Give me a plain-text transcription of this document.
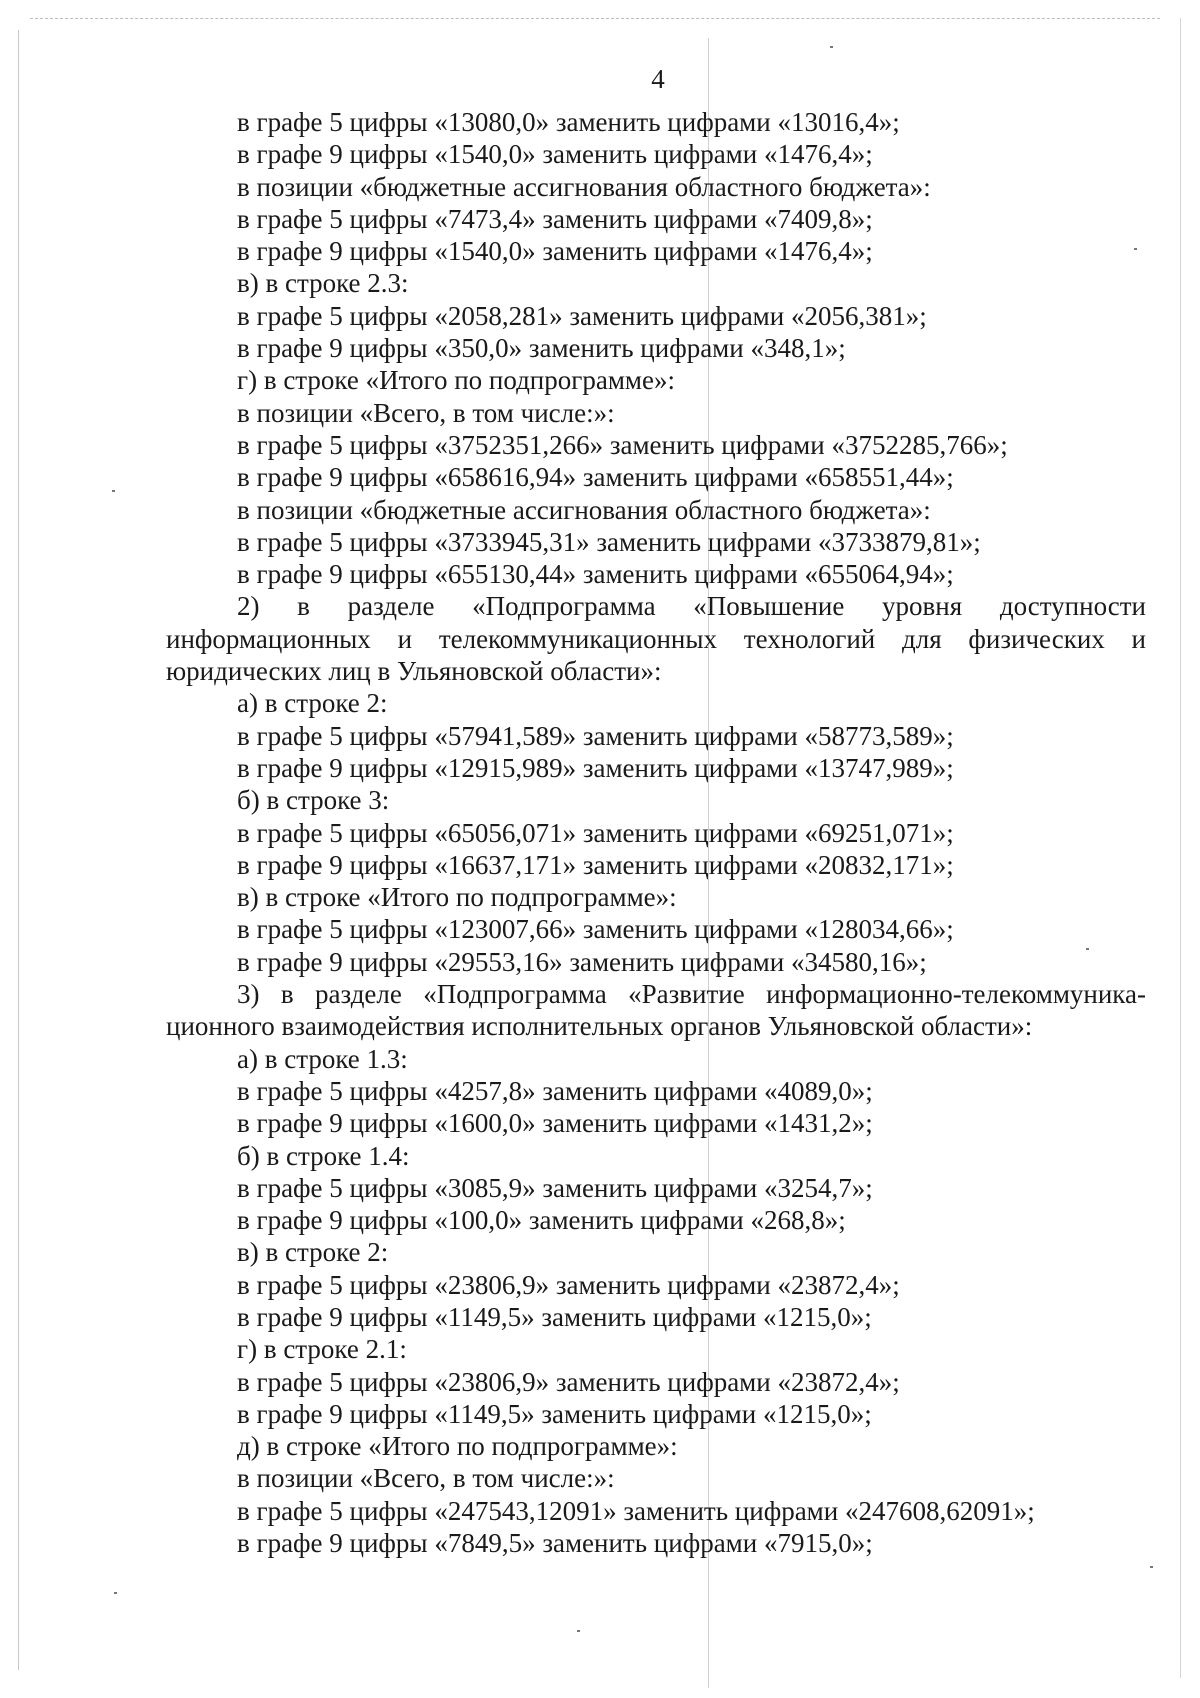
4
в графе 5 цифры «13080,0» заменить цифрами «13016,4»;
в графе 9 цифры «1540,0» заменить цифрами «1476,4»;
в позиции «бюджетные ассигнования областного бюджета»:
в графе 5 цифры «7473,4» заменить цифрами «7409,8»;
в графе 9 цифры «1540,0» заменить цифрами «1476,4»;
в) в строке 2.3:
в графе 5 цифры «2058,281» заменить цифрами «2056,381»;
в графе 9 цифры «350,0» заменить цифрами «348,1»;
г) в строке «Итого по подпрограмме»:
в позиции «Всего, в том числе:»:
в графе 5 цифры «3752351,266» заменить цифрами «3752285,766»;
в графе 9 цифры «658616,94» заменить цифрами «658551,44»;
в позиции «бюджетные ассигнования областного бюджета»:
в графе 5 цифры «3733945,31» заменить цифрами «3733879,81»;
в графе 9 цифры «655130,44» заменить цифрами «655064,94»;
2) в разделе «Подпрограмма «Повышение уровня доступности информационных и телекоммуникационных технологий для физических и юридических лиц в Ульяновской области»:
а) в строке 2:
в графе 5 цифры «57941,589» заменить цифрами «58773,589»;
в графе 9 цифры «12915,989» заменить цифрами «13747,989»;
б) в строке 3:
в графе 5 цифры «65056,071» заменить цифрами «69251,071»;
в графе 9 цифры «16637,171» заменить цифрами «20832,171»;
в) в строке «Итого по подпрограмме»:
в графе 5 цифры «123007,66» заменить цифрами «128034,66»;
в графе 9 цифры «29553,16» заменить цифрами «34580,16»;
3) в разделе «Подпрограмма «Развитие информационно-телекоммуникационного взаимодействия исполнительных органов Ульяновской области»:
а) в строке 1.3:
в графе 5 цифры «4257,8» заменить цифрами «4089,0»;
в графе 9 цифры «1600,0» заменить цифрами «1431,2»;
б) в строке 1.4:
в графе 5 цифры «3085,9» заменить цифрами «3254,7»;
в графе 9 цифры «100,0» заменить цифрами «268,8»;
в) в строке 2:
в графе 5 цифры «23806,9» заменить цифрами «23872,4»;
в графе 9 цифры «1149,5» заменить цифрами «1215,0»;
г) в строке 2.1:
в графе 5 цифры «23806,9» заменить цифрами «23872,4»;
в графе 9 цифры «1149,5» заменить цифрами «1215,0»;
д) в строке «Итого по подпрограмме»:
в позиции «Всего, в том числе:»:
в графе 5 цифры «247543,12091» заменить цифрами «247608,62091»;
в графе 9 цифры «7849,5» заменить цифрами «7915,0»;
